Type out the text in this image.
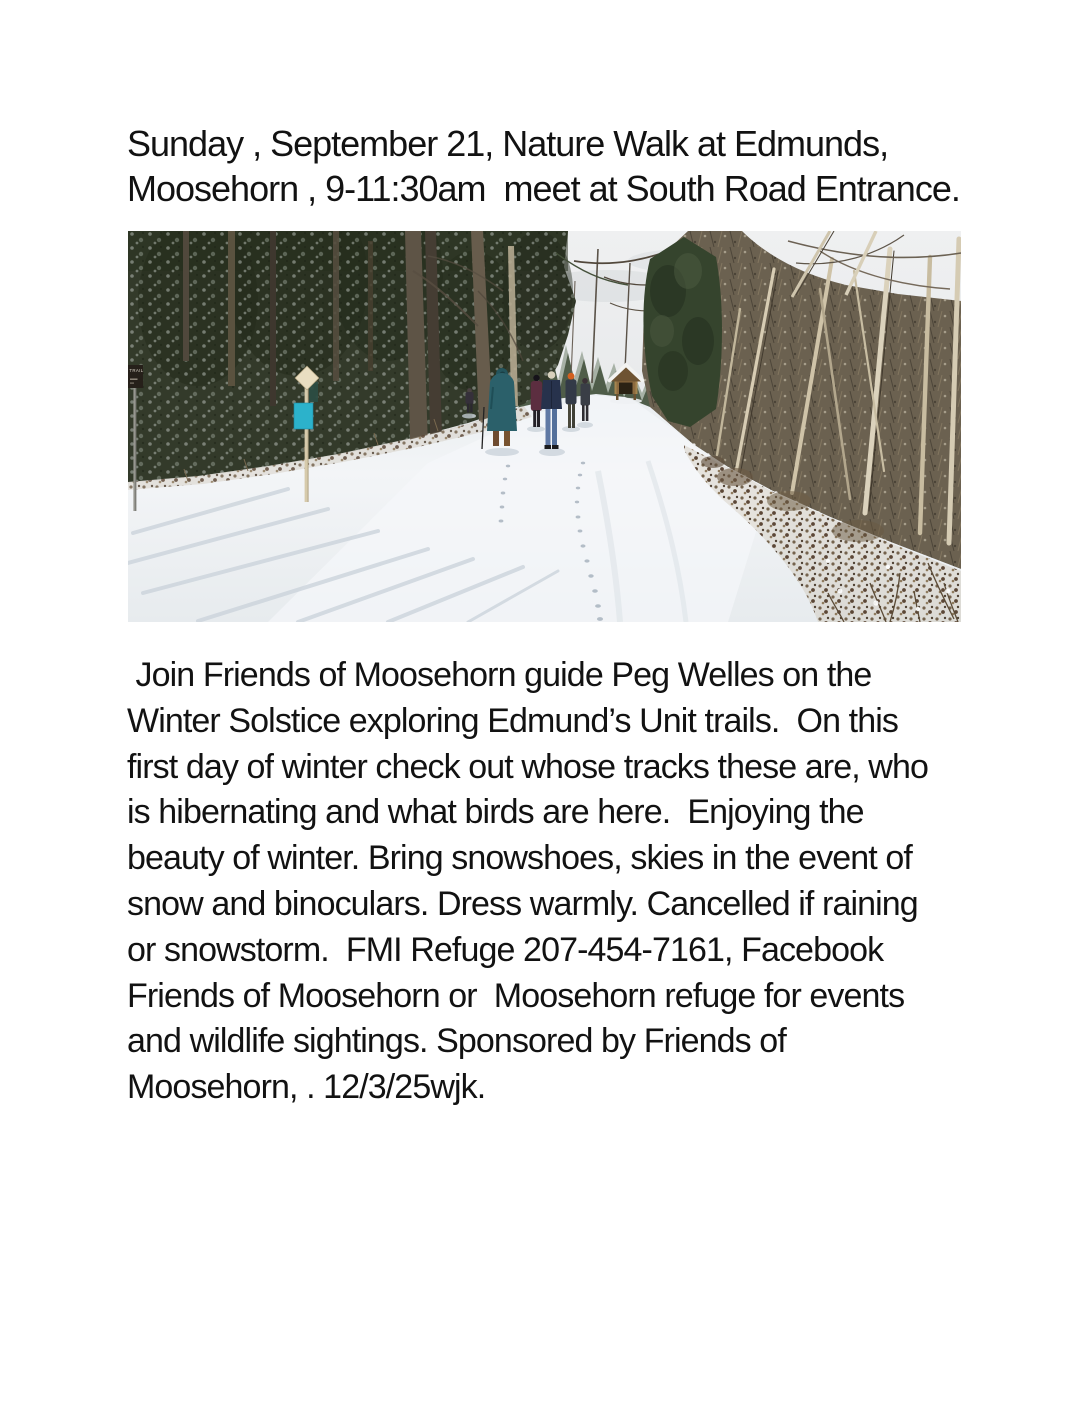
Sunday , September 21, Nature Walk at Edmunds,
Moosehorn , 9-11:30am  meet at South Road Entrance.
TRAIL
Join Friends of Moosehorn guide Peg Welles on the
Winter Solstice exploring Edmund’s Unit trails.  On this
first day of winter check out whose tracks these are, who
is hibernating and what birds are here.  Enjoying the
beauty of winter. Bring snowshoes, skies in the event of
snow and binoculars. Dress warmly. Cancelled if raining
or snowstorm.  FMI Refuge 207-454-7161, Facebook
Friends of Moosehorn or  Moosehorn refuge for events
and wildlife sightings. Sponsored by Friends of
Moosehorn, . 12/3/25wjk.
